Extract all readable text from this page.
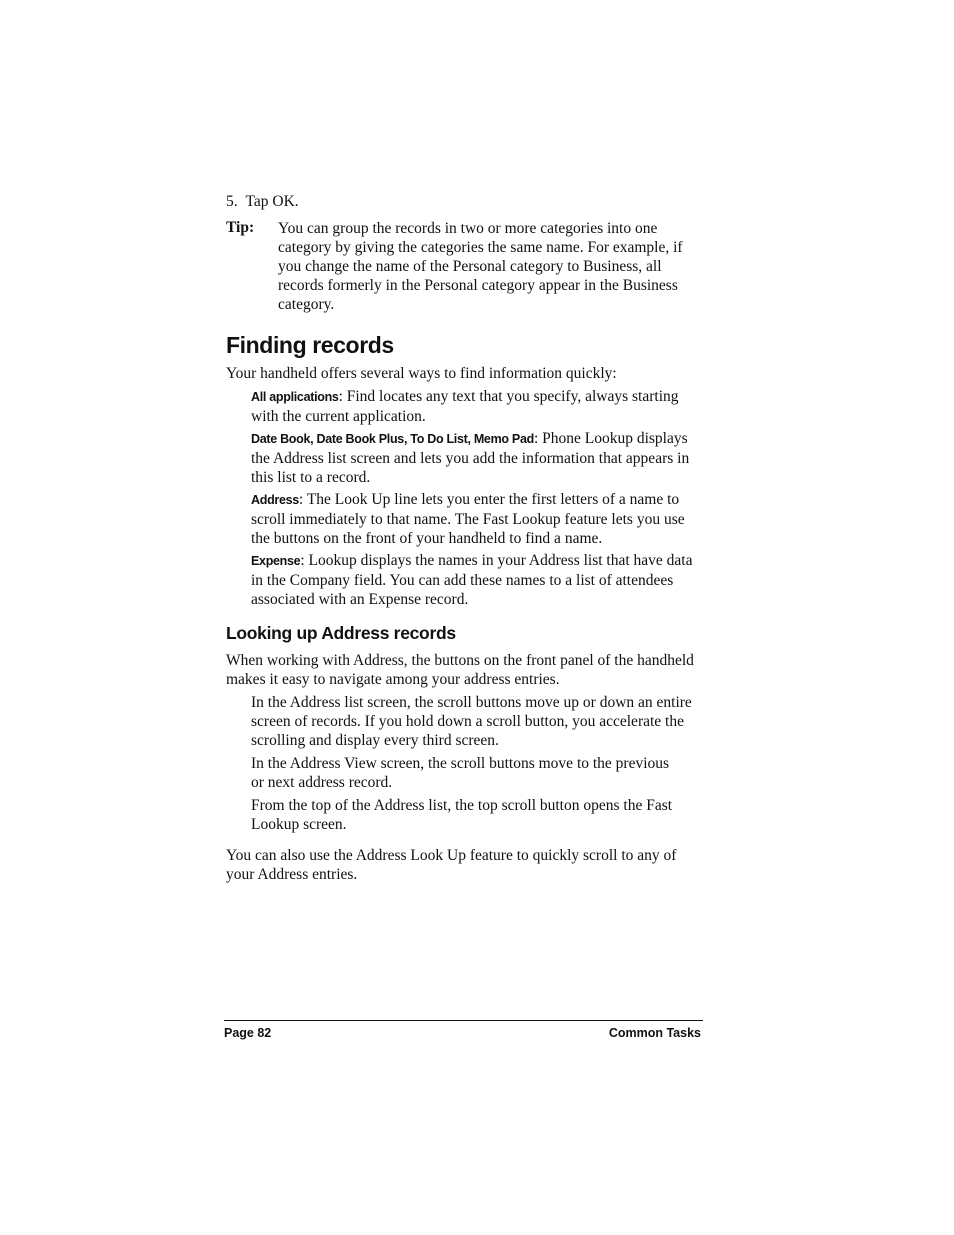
5. Tap OK.
Tip: You can group the records in two or more categories into one category by giving the categories the same name. For example, if you change the name of the Personal category to Business, all records formerly in the Personal category appear in the Business category.

Finding records

Your handheld offers several ways to find information quickly:

All applications: Find locates any text that you specify, always starting with the current application.

Date Book, Date Book Plus, To Do List, Memo Pad: Phone Lookup displays the Address list screen and lets you add the information that appears in this list to a record.

Address: The Look Up line lets you enter the first letters of a name to scroll immediately to that name. The Fast Lookup feature lets you use the buttons on the front of your handheld to find a name.

Expense: Lookup displays the names in your Address list that have data in the Company field. You can add these names to a list of attendees associated with an Expense record.

Looking up Address records

When working with Address, the buttons on the front panel of the handheld makes it easy to navigate among your address entries.

In the Address list screen, the scroll buttons move up or down an entire screen of records. If you hold down a scroll button, you accelerate the scrolling and display every third screen.

In the Address View screen, the scroll buttons move to the previous or next address record.

From the top of the Address list, the top scroll button opens the Fast Lookup screen.

You can also use the Address Look Up feature to quickly scroll to any of your Address entries.

Page 82	Common Tasks
